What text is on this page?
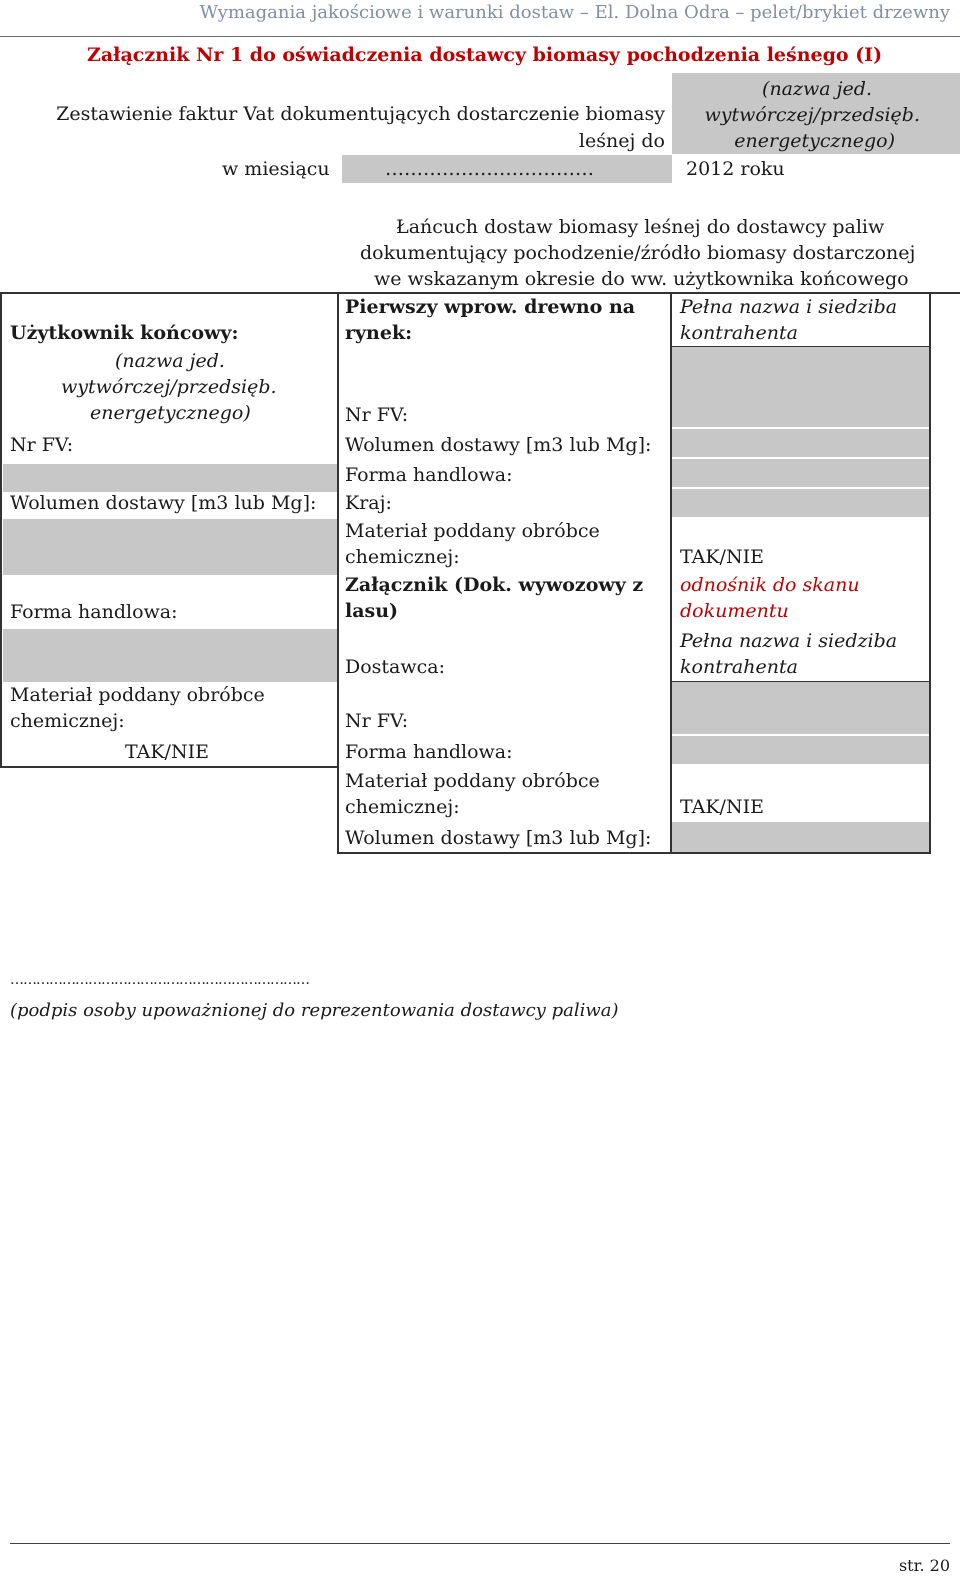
Wymagania jakościowe i warunki dostaw – El. Dolna Odra – pelet/brykiet drzewny
Załącznik Nr 1 do oświadczenia dostawcy biomasy pochodzenia leśnego (I)
Zestawienie faktur Vat dokumentujących dostarczenie biomasy
leśnej do
(nazwa jed.
wytwórczej/przedsięb.
energetycznego)
w miesiącu	……………………………	2012 roku
Łańcuch dostaw biomasy leśnej do dostawcy paliw
dokumentujący pochodzenie/źródło biomasy dostarczonej
we wskazanym okresie do ww. użytkownika końcowego
Użytkownik końcowy:
(nazwa jed.
wytwórczej/przedsięb.
energetycznego)
Nr FV:
Wolumen dostawy [m3 lub Mg]:
Forma handlowa:
Materiał poddany obróbce
chemicznej:
TAK/NIE
Pierwszy wprow. drewno na
rynek:
Nr FV:
Wolumen dostawy [m3 lub Mg]:
Forma handlowa:
Kraj:
Materiał poddany obróbce
chemicznej:
Załącznik (Dok. wywozowy z
lasu)
Dostawca:
Nr FV:
Forma handlowa:
Materiał poddany obróbce
chemicznej:
Wolumen dostawy [m3 lub Mg]:
Pełna nazwa i siedziba
kontrahenta
TAK/NIE
odnośnik do skanu
dokumentu
Pełna nazwa i siedziba
kontrahenta
TAK/NIE
……………………………………………………………
(podpis osoby upoważnionej do reprezentowania dostawcy paliwa)
str. 20
